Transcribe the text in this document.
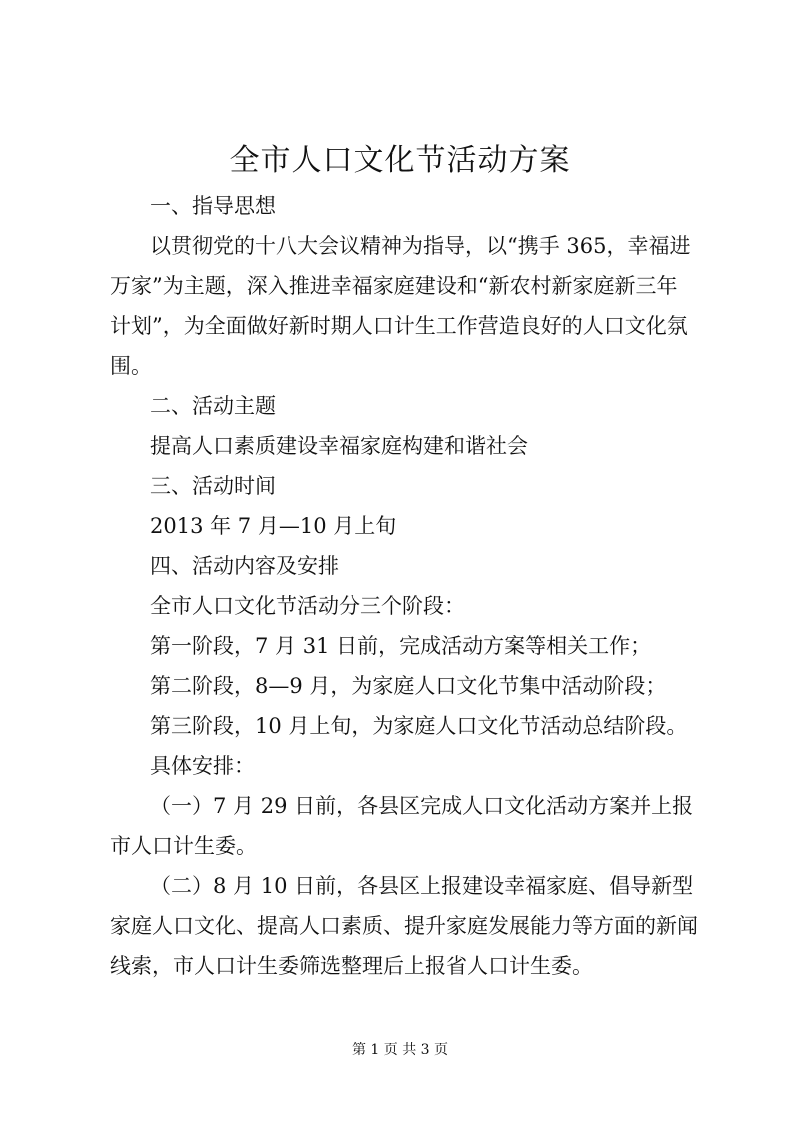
全市人口文化节活动方案
一、指导思想
以贯彻党的十八大会议精神为指导，以“携手 365，幸福进
万家”为主题，深入推进幸福家庭建设和“新农村新家庭新三年
计划”，为全面做好新时期人口计生工作营造良好的人口文化氛
围。
二、活动主题
提高人口素质建设幸福家庭构建和谐社会
三、活动时间
2013 年 7 月—10 月上旬
四、活动内容及安排
全市人口文化节活动分三个阶段：
第一阶段，7 月 31 日前，完成活动方案等相关工作；
第二阶段，8—9 月，为家庭人口文化节集中活动阶段；
第三阶段，10 月上旬，为家庭人口文化节活动总结阶段。
具体安排：
（一）7 月 29 日前，各县区完成人口文化活动方案并上报
市人口计生委。
（二）8 月 10 日前，各县区上报建设幸福家庭、倡导新型
家庭人口文化、提高人口素质、提升家庭发展能力等方面的新闻
线索，市人口计生委筛选整理后上报省人口计生委。
第 1 页 共 3 页
